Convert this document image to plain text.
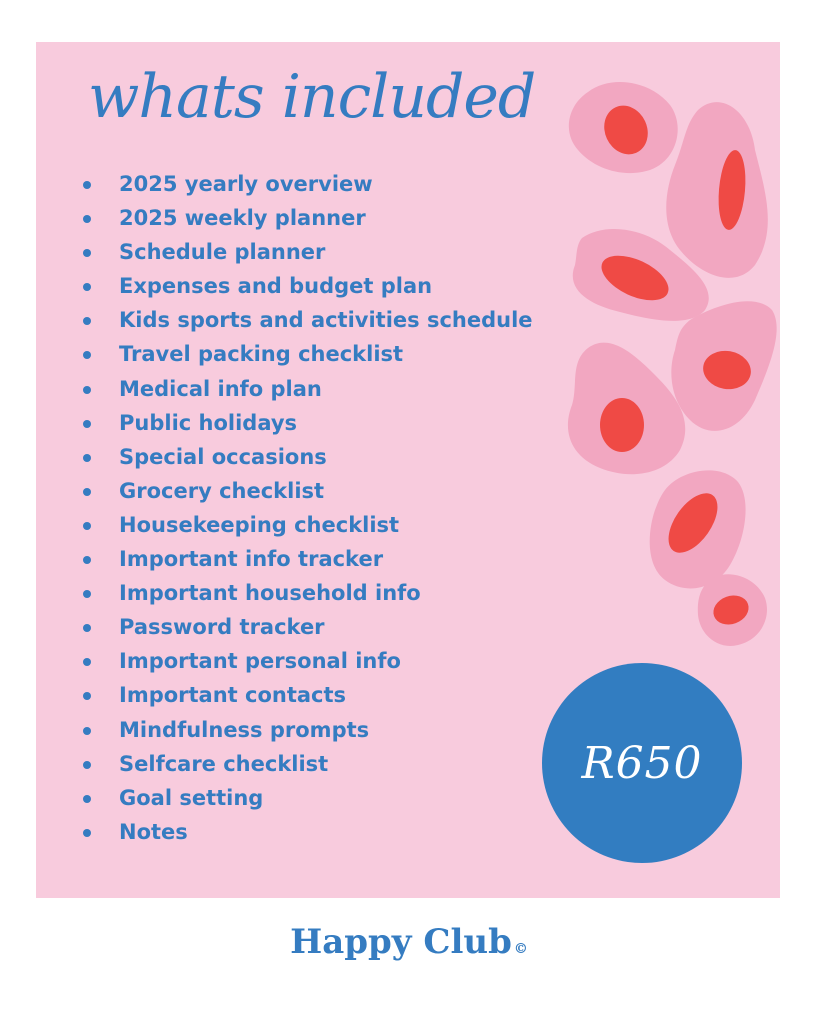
whats included
2025 yearly overview
2025 weekly planner
Schedule planner
Expenses and budget plan
Kids sports and activities schedule
Travel packing checklist
Medical info plan
Public holidays
Special occasions
Grocery checklist
Housekeeping checklist
Important info tracker
Important household info
Password tracker
Important personal info
Important contacts
Mindfulness prompts
Selfcare checklist
Goal setting
Notes
R650
Happy Club ©
